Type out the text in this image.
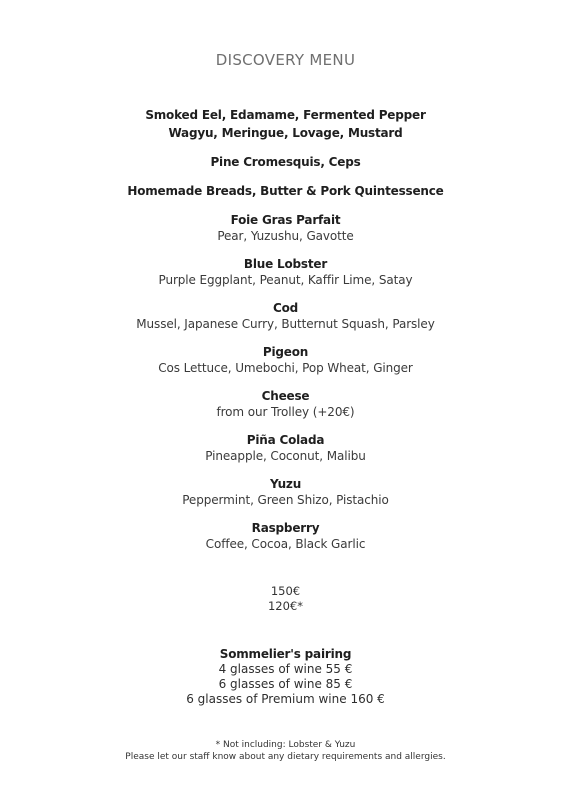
DISCOVERY MENU
Smoked Eel, Edamame, Fermented Pepper
Wagyu, Meringue, Lovage, Mustard
Pine Cromesquis, Ceps
Homemade Breads, Butter & Pork Quintessence
Foie Gras Parfait
Pear, Yuzushu, Gavotte
Blue Lobster
Purple Eggplant, Peanut, Kaffir Lime, Satay
Cod
Mussel, Japanese Curry, Butternut Squash, Parsley
Pigeon
Cos Lettuce, Umebochi, Pop Wheat, Ginger
Cheese
from our Trolley (+20€)
Piña Colada
Pineapple, Coconut, Malibu
Yuzu
Peppermint, Green Shizo, Pistachio
Raspberry
Coffee, Cocoa, Black Garlic
150€
120€*
Sommelier's pairing
4 glasses of wine 55 €
6 glasses of wine 85 €
6 glasses of Premium wine 160 €
* Not including: Lobster & Yuzu
Please let our staff know about any dietary requirements and allergies.
